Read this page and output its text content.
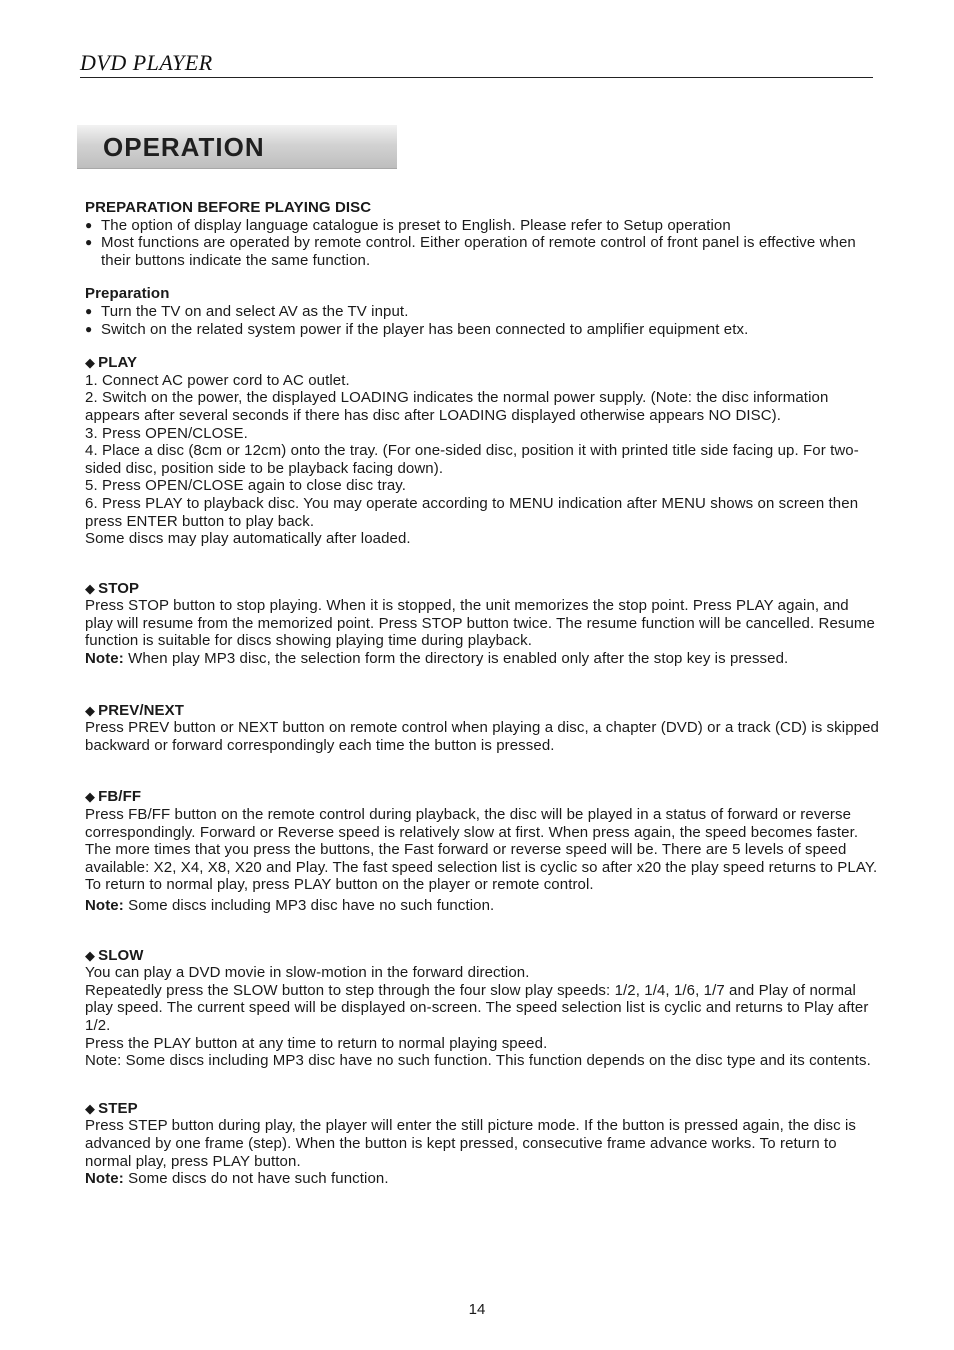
DVD PLAYER
OPERATION

PREPARATION BEFORE PLAYING DISC

● The option of display language catalogue is preset to English. Please refer to Setup operation

● Most functions are operated by remote control. Either operation of remote control of front panel is effective when their buttons indicate the same function.

Preparation

● Turn the TV on and select AV as the TV input.

● Switch on the related system power if the player has been connected to amplifier equipment etx.

◆ PLAY

1. Connect AC power cord to AC outlet.

2. Switch on the power, the displayed LOADING indicates the normal power supply. (Note: the disc information appears after several seconds if there has disc after LOADING displayed otherwise appears NO DISC).

3. Press OPEN/CLOSE.

4. Place a disc (8cm or 12cm) onto the tray. (For one-sided disc, position it with printed title side facing up. For two-sided disc, position side to be playback facing down).

5. Press OPEN/CLOSE again to close disc tray.

6. Press PLAY to playback disc. You may operate according to MENU indication after MENU shows on screen then press ENTER button to play back.

Some discs may play automatically after loaded.

◆ STOP

Press STOP button to stop playing. When it is stopped, the unit memorizes the stop point. Press PLAY again, and play will resume from the memorized point. Press STOP button twice. The resume function will be cancelled. Resume function is suitable for discs showing playing time during playback.

Note: When play MP3 disc, the selection form the directory is enabled only after the stop key is pressed.

◆ PREV/NEXT

Press PREV button or NEXT button on remote control when playing a disc, a chapter (DVD) or a track (CD) is skipped backward or forward correspondingly each time the button is pressed.

◆ FB/FF

Press FB/FF button on the remote control during playback, the disc will be played in a status of forward or reverse correspondingly. Forward or Reverse speed is relatively slow at first. When press again, the speed becomes faster. The more times that you press the buttons, the Fast forward or reverse speed will be. There are 5 levels of speed available: X2, X4, X8, X20 and Play. The fast speed selection list is cyclic so after x20 the play speed returns to PLAY. To return to normal play, press PLAY button on the player or remote control.

Note: Some discs including MP3 disc have no such function.

◆ SLOW

You can play a DVD movie in slow-motion in the forward direction.

Repeatedly press the SLOW button to step through the four slow play speeds: 1/2, 1/4, 1/6, 1/7 and Play of normal play speed. The current speed will be displayed on-screen. The speed selection list is cyclic and returns to Play after 1/2.

Press the PLAY button at any time to return to normal playing speed.

Note: Some discs including MP3 disc have no such function. This function depends on the disc type and its contents.

◆ STEP

Press STEP button during play, the player will enter the still picture mode. If the button is pressed again, the disc is advanced by one frame (step). When the button is kept pressed, consecutive frame advance works. To return to normal play, press PLAY button.

Note: Some discs do not have such function.

14
